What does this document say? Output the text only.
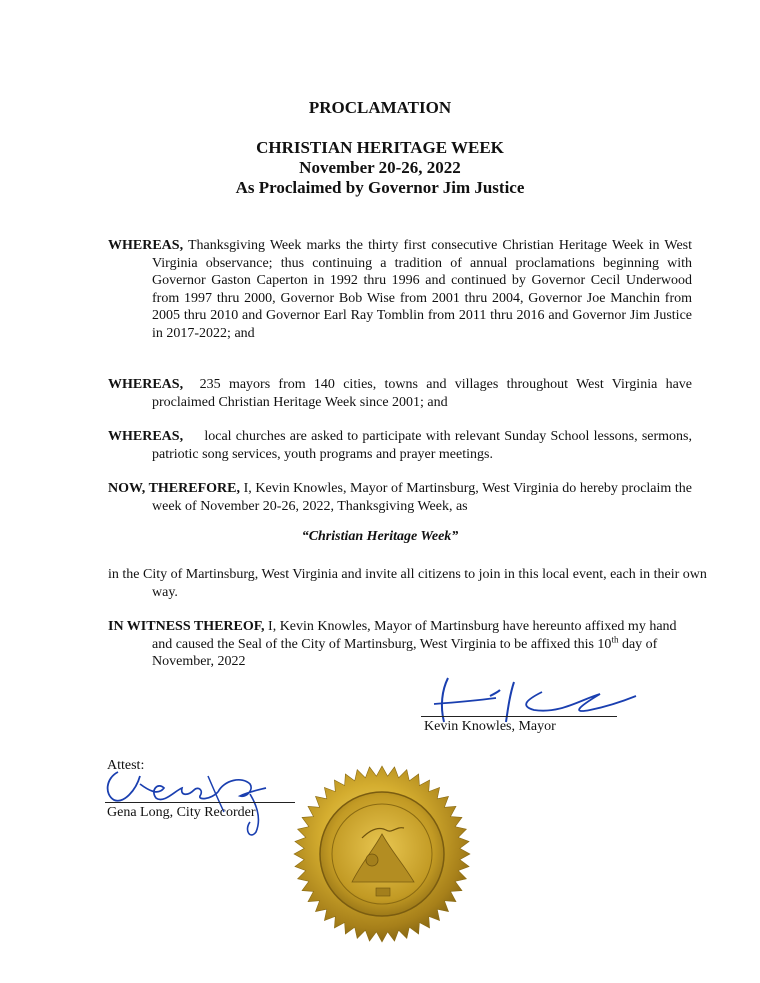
PROCLAMATION
CHRISTIAN HERITAGE WEEK
November 20-26, 2022
As Proclaimed by Governor Jim Justice

WHEREAS, Thanksgiving Week marks the thirty first consecutive Christian Heritage Week in West Virginia observance; thus continuing a tradition of annual proclamations beginning with Governor Gaston Caperton in 1992 thru 1996 and continued by Governor Cecil Underwood from 1997 thru 2000, Governor Bob Wise from 2001 thru 2004, Governor Joe Manchin from 2005 thru 2010 and Governor Earl Ray Tomblin from 2011 thru 2016 and Governor Jim Justice in 2017-2022; and

WHEREAS, 235 mayors from 140 cities, towns and villages throughout West Virginia have proclaimed Christian Heritage Week since 2001; and

WHEREAS, local churches are asked to participate with relevant Sunday School lessons, sermons, patriotic song services, youth programs and prayer meetings.

NOW, THEREFORE, I, Kevin Knowles, Mayor of Martinsburg, West Virginia do hereby proclaim the week of November 20-26, 2022, Thanksgiving Week, as

“Christian Heritage Week”

in the City of Martinsburg, West Virginia and invite all citizens to join in this local event, each in their own way.

IN WITNESS THEREOF, I, Kevin Knowles, Mayor of Martinsburg have hereunto affixed my hand and caused the Seal of the City of Martinsburg, West Virginia to be affixed this 10th day of November, 2022

Kevin Knowles, Mayor
Attest:
Gena Long, City Recorder
